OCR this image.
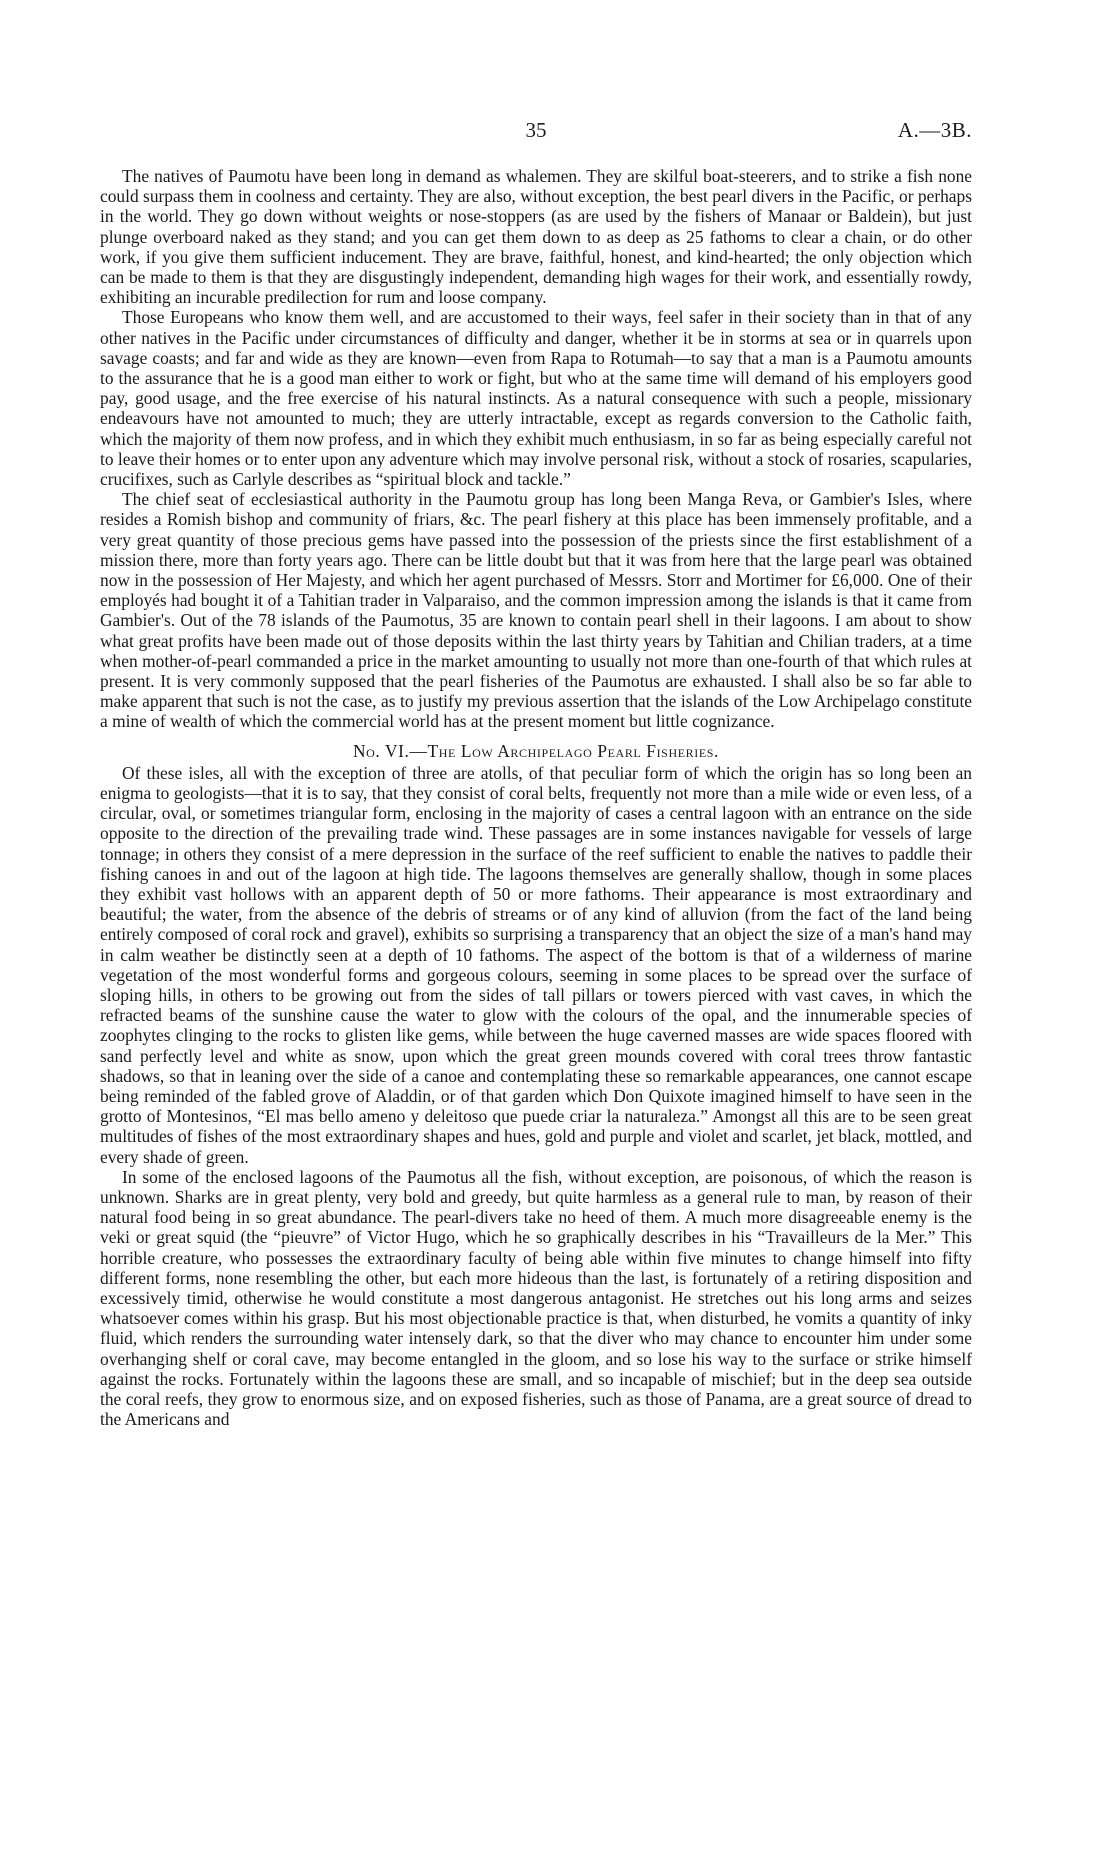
35	A.—3B.

The natives of Paumotu have been long in demand as whalemen. They are skilful boat-steerers, and to strike a fish none could surpass them in coolness and certainty. They are also, without exception, the best pearl divers in the Pacific, or perhaps in the world. They go down without weights or nose-stoppers (as are used by the fishers of Manaar or Baldein), but just plunge overboard naked as they stand; and you can get them down to as deep as 25 fathoms to clear a chain, or do other work, if you give them sufficient inducement. They are brave, faithful, honest, and kind-hearted; the only objection which can be made to them is that they are disgustingly independent, demanding high wages for their work, and essentially rowdy, exhibiting an incurable predilection for rum and loose company.

Those Europeans who know them well, and are accustomed to their ways, feel safer in their society than in that of any other natives in the Pacific under circumstances of difficulty and danger, whether it be in storms at sea or in quarrels upon savage coasts; and far and wide as they are known—even from Rapa to Rotumah—to say that a man is a Paumotu amounts to the assurance that he is a good man either to work or fight, but who at the same time will demand of his employers good pay, good usage, and the free exercise of his natural instincts. As a natural consequence with such a people, missionary endeavours have not amounted to much; they are utterly intractable, except as regards conversion to the Catholic faith, which the majority of them now profess, and in which they exhibit much enthusiasm, in so far as being especially careful not to leave their homes or to enter upon any adventure which may involve personal risk, without a stock of rosaries, scapularies, crucifixes, such as Carlyle describes as “spiritual block and tackle.”

The chief seat of ecclesiastical authority in the Paumotu group has long been Manga Reva, or Gambier's Isles, where resides a Romish bishop and community of friars, &c. The pearl fishery at this place has been immensely profitable, and a very great quantity of those precious gems have passed into the possession of the priests since the first establishment of a mission there, more than forty years ago. There can be little doubt but that it was from here that the large pearl was obtained now in the possession of Her Majesty, and which her agent purchased of Messrs. Storr and Mortimer for £6,000. One of their employés had bought it of a Tahitian trader in Valparaiso, and the common impression among the islands is that it came from Gambier's. Out of the 78 islands of the Paumotus, 35 are known to contain pearl shell in their lagoons. I am about to show what great profits have been made out of those deposits within the last thirty years by Tahitian and Chilian traders, at a time when mother-of-pearl commanded a price in the market amounting to usually not more than one-fourth of that which rules at present. It is very commonly supposed that the pearl fisheries of the Paumotus are exhausted. I shall also be so far able to make apparent that such is not the case, as to justify my previous assertion that the islands of the Low Archipelago constitute a mine of wealth of which the commercial world has at the present moment but little cognizance.

No. VI.—The Low Archipelago Pearl Fisheries.

Of these isles, all with the exception of three are atolls, of that peculiar form of which the origin has so long been an enigma to geologists—that it is to say, that they consist of coral belts, frequently not more than a mile wide or even less, of a circular, oval, or sometimes triangular form, enclosing in the majority of cases a central lagoon with an entrance on the side opposite to the direction of the prevailing trade wind. These passages are in some instances navigable for vessels of large tonnage; in others they consist of a mere depression in the surface of the reef sufficient to enable the natives to paddle their fishing canoes in and out of the lagoon at high tide. The lagoons themselves are generally shallow, though in some places they exhibit vast hollows with an apparent depth of 50 or more fathoms. Their appearance is most extraordinary and beautiful; the water, from the absence of the debris of streams or of any kind of alluvion (from the fact of the land being entirely composed of coral rock and gravel), exhibits so surprising a transparency that an object the size of a man's hand may in calm weather be distinctly seen at a depth of 10 fathoms. The aspect of the bottom is that of a wilderness of marine vegetation of the most wonderful forms and gorgeous colours, seeming in some places to be spread over the surface of sloping hills, in others to be growing out from the sides of tall pillars or towers pierced with vast caves, in which the refracted beams of the sunshine cause the water to glow with the colours of the opal, and the innumerable species of zoophytes clinging to the rocks to glisten like gems, while between the huge caverned masses are wide spaces floored with sand perfectly level and white as snow, upon which the great green mounds covered with coral trees throw fantastic shadows, so that in leaning over the side of a canoe and contemplating these so remarkable appearances, one cannot escape being reminded of the fabled grove of Aladdin, or of that garden which Don Quixote imagined himself to have seen in the grotto of Montesinos, “El mas bello ameno y deleitoso que puede criar la naturaleza.” Amongst all this are to be seen great multitudes of fishes of the most extraordinary shapes and hues, gold and purple and violet and scarlet, jet black, mottled, and every shade of green.

In some of the enclosed lagoons of the Paumotus all the fish, without exception, are poisonous, of which the reason is unknown. Sharks are in great plenty, very bold and greedy, but quite harmless as a general rule to man, by reason of their natural food being in so great abundance. The pearl-divers take no heed of them. A much more disagreeable enemy is the veki or great squid (the “pieuvre” of Victor Hugo, which he so graphically describes in his “Travailleurs de la Mer.” This horrible creature, who possesses the extraordinary faculty of being able within five minutes to change himself into fifty different forms, none resembling the other, but each more hideous than the last, is fortunately of a retiring disposition and excessively timid, otherwise he would constitute a most dangerous antagonist. He stretches out his long arms and seizes whatsoever comes within his grasp. But his most objectionable practice is that, when disturbed, he vomits a quantity of inky fluid, which renders the surrounding water intensely dark, so that the diver who may chance to encounter him under some overhanging shelf or coral cave, may become entangled in the gloom, and so lose his way to the surface or strike himself against the rocks. Fortunately within the lagoons these are small, and so incapable of mischief; but in the deep sea outside the coral reefs, they grow to enormous size, and on exposed fisheries, such as those of Panama, are a great source of dread to the Americans and
